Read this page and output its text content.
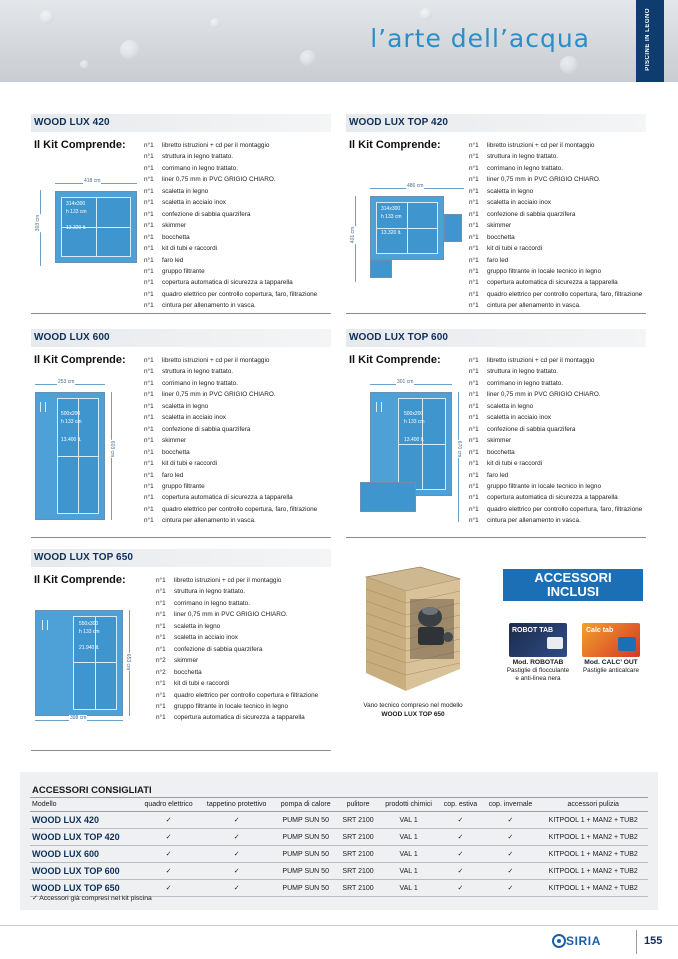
l’arte dell’acqua	PISCINE IN LEGNO
WOOD LUX 420
Il Kit Comprende:
418 cm
303 cm
314x300
h 133 cm
13.320 lt.
n°1	libretto istruzioni + cd per il montaggio
n°1	struttura in legno trattato.
n°1	corrimano in legno trattato.
n°1	liner 0,75 mm in PVC GRIGIO CHIARO.
n°1	scaletta in legno
n°1	scaletta in acciaio inox
n°1	confezione di sabbia quarzifera
n°1	skimmer
n°1	bocchetta
n°1	kit di tubi e raccordi
n°1	faro led
n°1	gruppo filtrante
n°1	copertura automatica di sicurezza a tapparella
n°1	quadro elettrico per controllo copertura, faro, filtrazione
n°1	cintura per allenamento in vasca.
WOOD LUX TOP 420
Il Kit Comprende:
486 cm
401 cm
314x300
h 133 cm
13.320 lt.
n°1	libretto istruzioni + cd per il montaggio
n°1	struttura in legno trattato.
n°1	corrimano in legno trattato.
n°1	liner 0,75 mm in PVC GRIGIO CHIARO.
n°1	scaletta in legno
n°1	scaletta in acciaio inox
n°1	confezione di sabbia quarzifera
n°1	skimmer
n°1	bocchetta
n°1	kit di tubi e raccordi
n°1	faro led
n°1	gruppo filtrante in locale tecnico in legno
n°1	copertura automatica di sicurezza a tapparella
n°1	quadro elettrico per controllo copertura, faro, filtrazione
n°1	cintura per allenamento in vasca.
WOOD LUX 600
Il Kit Comprende:
253 cm
603 cm
500x200
h 133 cm
13.400 lt.
n°1	libretto istruzioni + cd per il montaggio
n°1	struttura in legno trattato.
n°1	corrimano in legno trattato.
n°1	liner 0,75 mm in PVC GRIGIO CHIARO.
n°1	scaletta in legno
n°1	scaletta in acciaio inox
n°1	confezione di sabbia quarzifera
n°1	skimmer
n°1	bocchetta
n°1	kit di tubi e raccordi
n°1	faro led
n°1	gruppo filtrante
n°1	copertura automatica di sicurezza a tapparella
n°1	quadro elettrico per controllo copertura, faro, filtrazione
n°1	cintura per allenamento in vasca.
WOOD LUX TOP 600
Il Kit Comprende:
301 cm
670 cm
500x200
h 133 cm
13.400 lt.
n°1	libretto istruzioni + cd per il montaggio
n°1	struttura in legno trattato.
n°1	corrimano in legno trattato.
n°1	liner 0,75 mm in PVC GRIGIO CHIARO.
n°1	scaletta in legno
n°1	scaletta in acciaio inox
n°1	confezione di sabbia quarzifera
n°1	skimmer
n°1	bocchetta
n°1	kit di tubi e raccordi
n°1	faro led
n°1	gruppo filtrante in locale tecnico in legno
n°1	copertura automatica di sicurezza a tapparella
n°1	quadro elettrico per controllo copertura, faro, filtrazione
n°1	cintura per allenamento in vasca.
WOOD LUX TOP 650
Il Kit Comprende:
653 cm
398 cm
550x300
h 133 cm
21.940 lt.
n°1	libretto istruzioni + cd per il montaggio
n°1	struttura in legno trattato.
n°1	corrimano in legno trattato.
n°1	liner 0,75 mm in PVC GRIGIO CHIARO.
n°1	scaletta in legno
n°1	scaletta in acciaio inox
n°1	confezione di sabbia quarzifera
n°2	skimmer
n°2	bocchetta
n°1	kit di tubi e raccordi
n°1	quadro elettrico per controllo copertura e filtrazione
n°1	gruppo filtrante in locale tecnico in legno
n°1	copertura automatica di sicurezza a tapparella
Vano tecnico compreso nel modello
WOOD LUX TOP 650
ACCESSORI
INCLUSI
ROBOT TAB
Mod. ROBOTAB
Pastiglie di flocculante
e anti-linea nera
Calc tab
Mod. CALC’ OUT
Pastiglie anticalcare
ACCESSORI CONSIGLIATI
Modello	quadro elettrico	tappetino protettivo	pompa di calore	pulitore	prodotti chimici	cop. estiva	cop. invernale	accessori pulizia
WOOD LUX 420	✓	✓	PUMP SUN 50	SRT 2100	VAL 1	✓	✓	KITPOOL 1 + MAN2 + TUB2
WOOD LUX TOP 420	✓	✓	PUMP SUN 50	SRT 2100	VAL 1	✓	✓	KITPOOL 1 + MAN2 + TUB2
WOOD LUX 600	✓	✓	PUMP SUN 50	SRT 2100	VAL 1	✓	✓	KITPOOL 1 + MAN2 + TUB2
WOOD LUX TOP 600	✓	✓	PUMP SUN 50	SRT 2100	VAL 1	✓	✓	KITPOOL 1 + MAN2 + TUB2
WOOD LUX TOP 650	✓	✓	PUMP SUN 50	SRT 2100	VAL 1	✓	✓	KITPOOL 1 + MAN2 + TUB2
✓ Accessori già compresi nel kit piscina
SIRIA	155
